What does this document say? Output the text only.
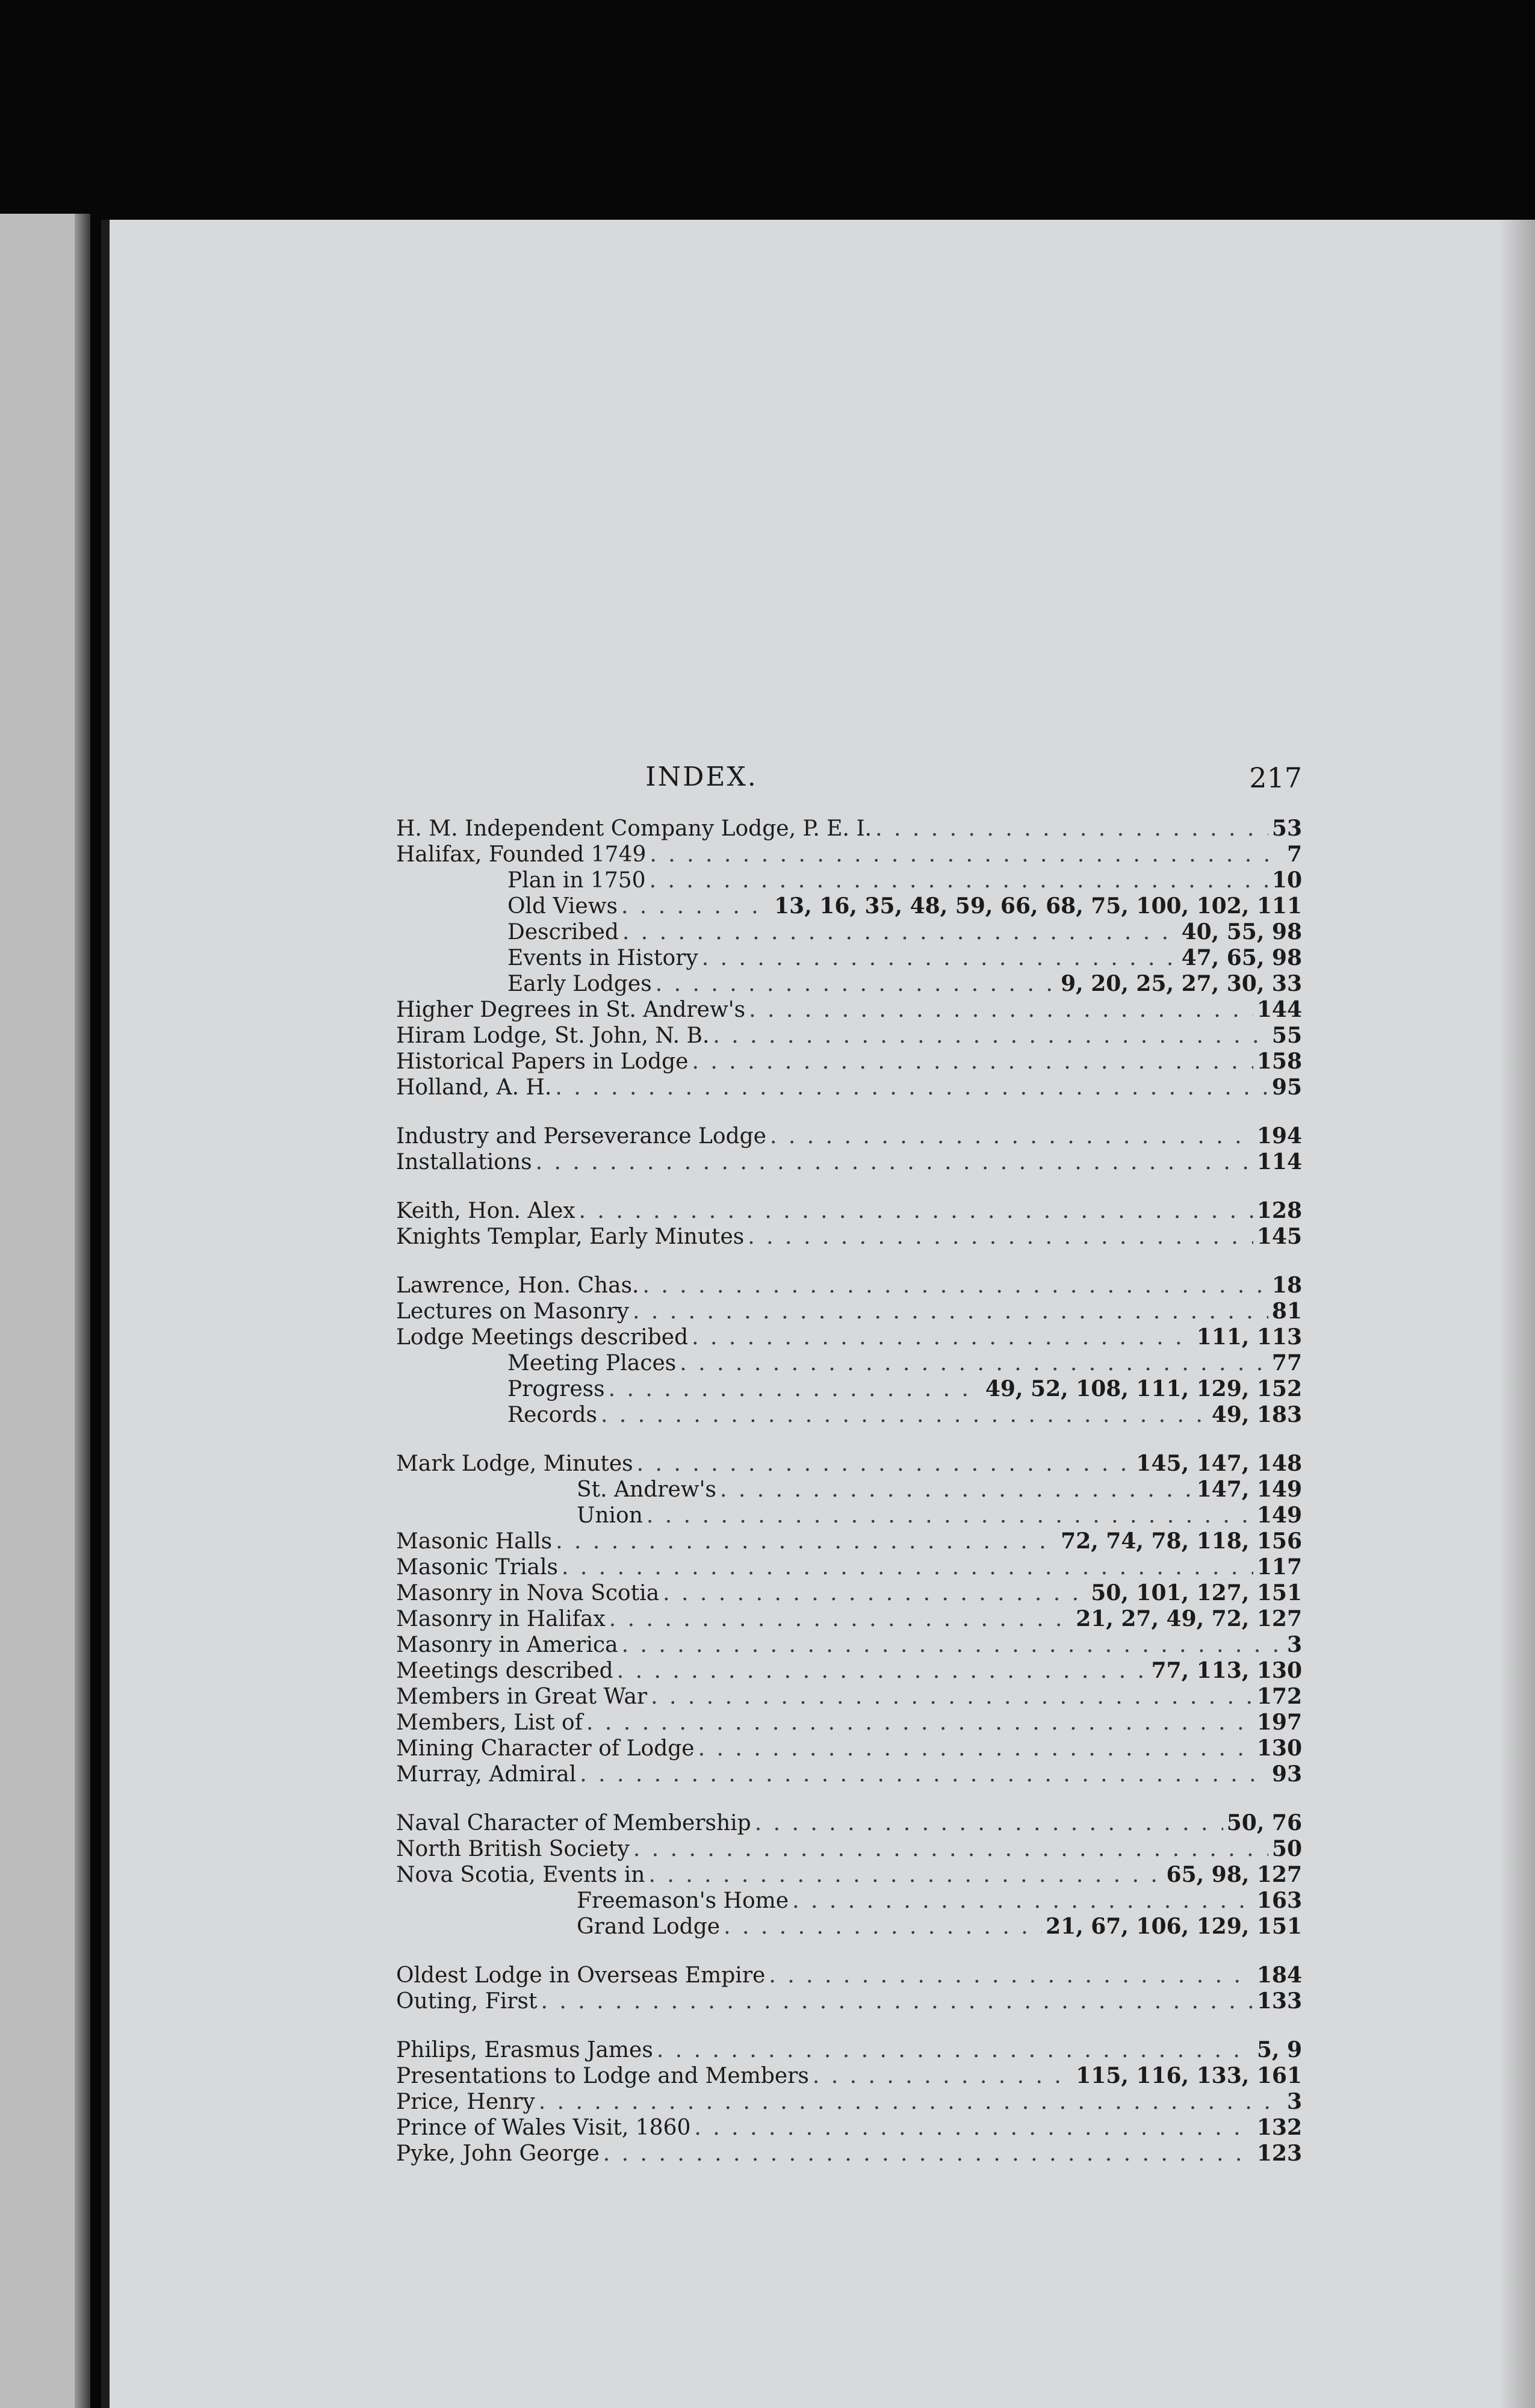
INDEX.	217
H. M. Independent Company Lodge, P. E. I. . . .	53
Halifax, Founded 1749 . . .	7
Plan in 1750 . . .	10
Old Views . . .	13, 16, 35, 48, 59, 66, 68, 75, 100, 102, 111
Described . . .	40, 55, 98
Events in History . . .	47, 65, 98
Early Lodges . . .	9, 20, 25, 27, 30, 33
Higher Degrees in St. Andrew's . . .	144
Hiram Lodge, St. John, N. B. . . .	55
Historical Papers in Lodge . . .	158
Holland, A. H. . . .	95
Industry and Perseverance Lodge . . .	194
Installations . . .	114
Keith, Hon. Alex . . .	128
Knights Templar, Early Minutes . . .	145
Lawrence, Hon. Chas. . . .	18
Lectures on Masonry . . .	81
Lodge Meetings described . . .	111, 113
Meeting Places . . .	77
Progress . . .	49, 52, 108, 111, 129, 152
Records . . .	49, 183
Mark Lodge, Minutes . . .	145, 147, 148
St. Andrew's . . .	147, 149
Union . . .	149
Masonic Halls . . .	72, 74, 78, 118, 156
Masonic Trials . . .	117
Masonry in Nova Scotia . . .	50, 101, 127, 151
Masonry in Halifax . . .	21, 27, 49, 72, 127
Masonry in America . . .	3
Meetings described . . .	77, 113, 130
Members in Great War . . .	172
Members, List of . . .	197
Mining Character of Lodge . . .	130
Murray, Admiral . . .	93
Naval Character of Membership . . .	50, 76
North British Society . . .	50
Nova Scotia, Events in . . .	65, 98, 127
Freemason's Home . . .	163
Grand Lodge . . .	21, 67, 106, 129, 151
Oldest Lodge in Overseas Empire . . .	184
Outing, First . . .	133
Philips, Erasmus James . . .	5, 9
Presentations to Lodge and Members . . .	115, 116, 133, 161
Price, Henry . . .	3
Prince of Wales Visit, 1860 . . .	132
Pyke, John George . . .	123
